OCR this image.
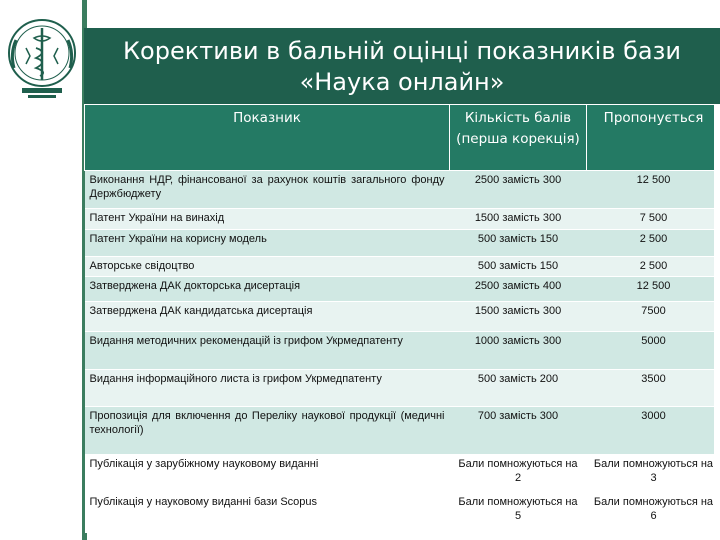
Корективи в бальній оцінці показників бази
«Наука онлайн»
Показник	Кількість балів (перша корекція)	Пропонується
Виконання НДР, фінансованої за рахунок коштів загального фонду Держбюджету	2500 замість 300	12 500
Патент України на винахід	1500 замість 300	7 500
Патент України на корисну модель	500 замість 150	2 500
Авторське свідоцтво	500 замість 150	2 500
Затверджена ДАК докторська дисертація	2500 замість 400	12 500
Затверджена ДАК кандидатська дисертація	1500 замість 300	7500
Видання методичних рекомендацій із грифом Укрмедпатенту	1000 замість 300	5000
Видання інформаційного листа із грифом Укрмедпатенту	500 замість 200	3500
Пропозиція для включення до Переліку наукової продукції (медичні технології)	700 замість 300	3000
Публікація у зарубіжному науковому виданні	Бали помножуються на 2	Бали помножуються на 3
Публікація у науковому виданні бази Scopus	Бали помножуються на 5	Бали помножуються на 6
